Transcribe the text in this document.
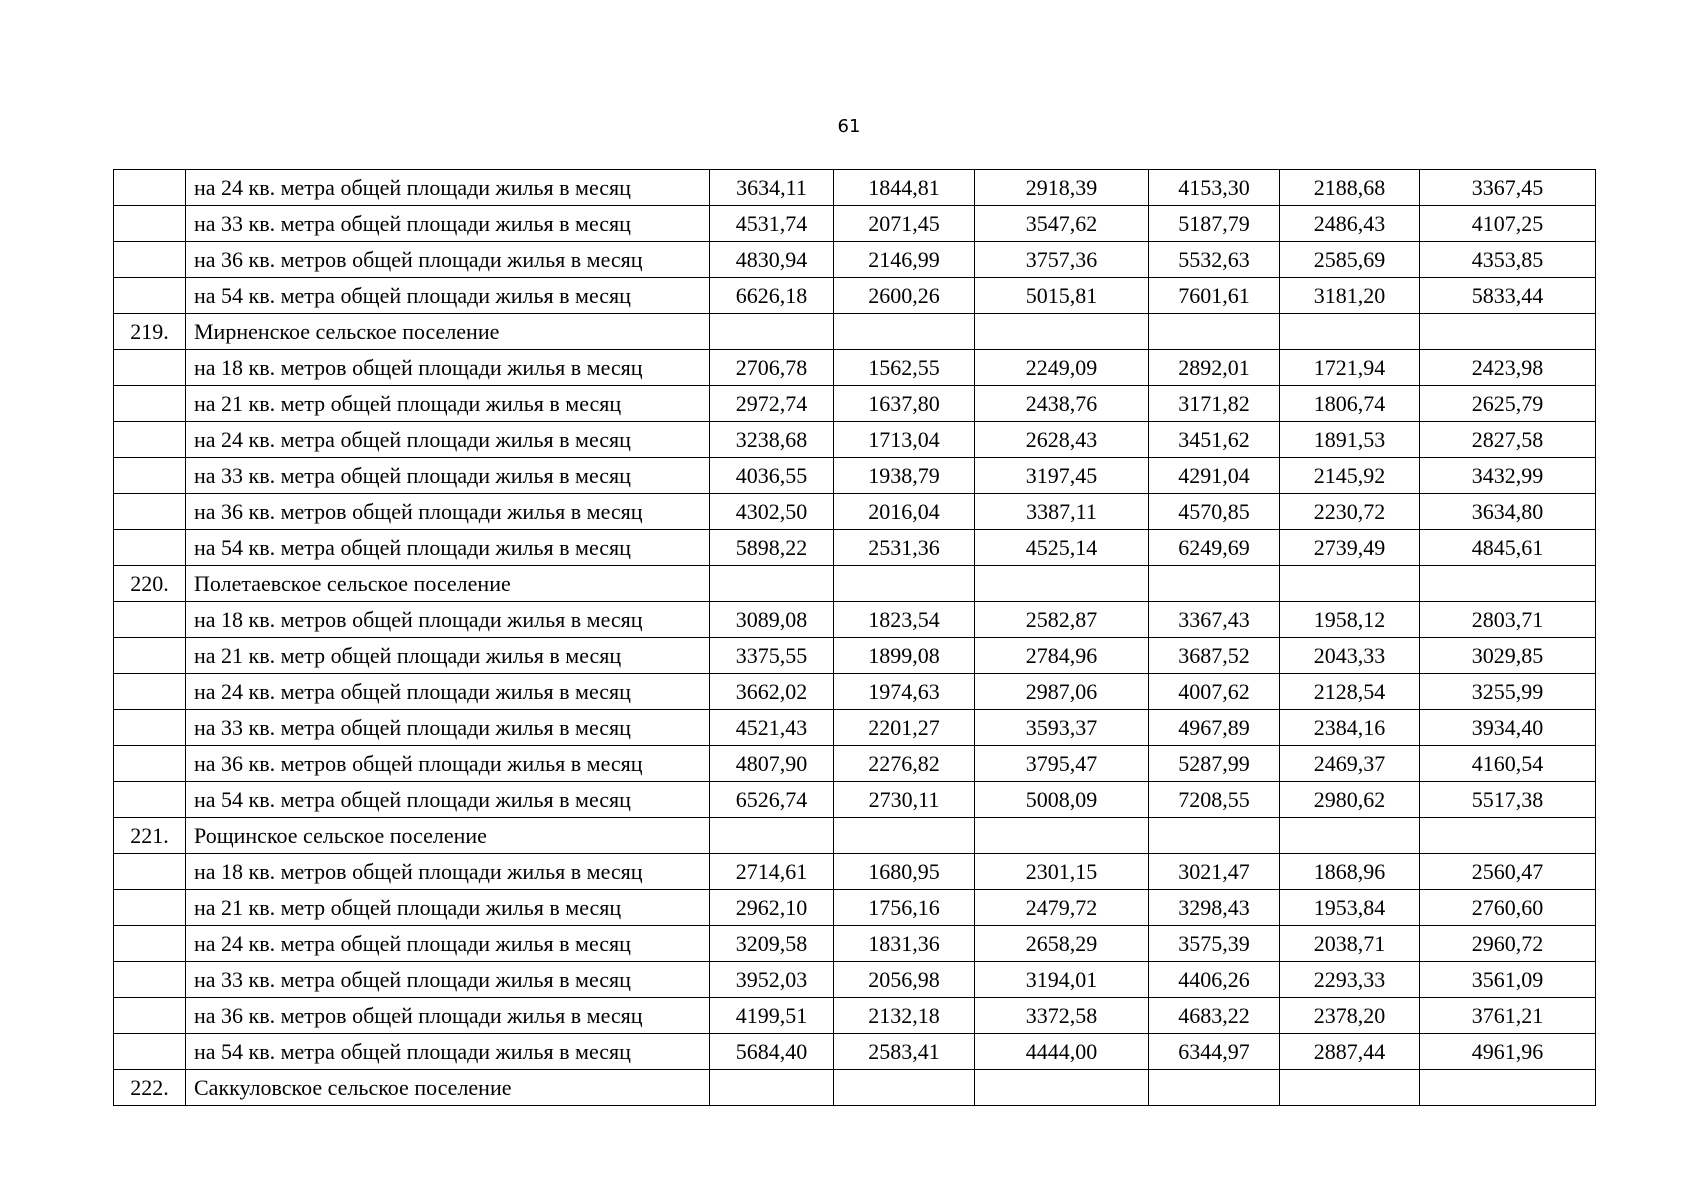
61
	на 24 кв. метра общей площади жилья в месяц	3634,11	1844,81	2918,39	4153,30	2188,68	3367,45
	на 33 кв. метра общей площади жилья в месяц	4531,74	2071,45	3547,62	5187,79	2486,43	4107,25
	на 36 кв. метров общей площади жилья в месяц	4830,94	2146,99	3757,36	5532,63	2585,69	4353,85
	на 54 кв. метра общей площади жилья в месяц	6626,18	2600,26	5015,81	7601,61	3181,20	5833,44
219.	Мирненское сельское поселение						
	на 18 кв. метров общей площади жилья в месяц	2706,78	1562,55	2249,09	2892,01	1721,94	2423,98
	на 21 кв. метр общей площади жилья в месяц	2972,74	1637,80	2438,76	3171,82	1806,74	2625,79
	на 24 кв. метра общей площади жилья в месяц	3238,68	1713,04	2628,43	3451,62	1891,53	2827,58
	на 33 кв. метра общей площади жилья в месяц	4036,55	1938,79	3197,45	4291,04	2145,92	3432,99
	на 36 кв. метров общей площади жилья в месяц	4302,50	2016,04	3387,11	4570,85	2230,72	3634,80
	на 54 кв. метра общей площади жилья в месяц	5898,22	2531,36	4525,14	6249,69	2739,49	4845,61
220.	Полетаевское сельское поселение						
	на 18 кв. метров общей площади жилья в месяц	3089,08	1823,54	2582,87	3367,43	1958,12	2803,71
	на 21 кв. метр общей площади жилья в месяц	3375,55	1899,08	2784,96	3687,52	2043,33	3029,85
	на 24 кв. метра общей площади жилья в месяц	3662,02	1974,63	2987,06	4007,62	2128,54	3255,99
	на 33 кв. метра общей площади жилья в месяц	4521,43	2201,27	3593,37	4967,89	2384,16	3934,40
	на 36 кв. метров общей площади жилья в месяц	4807,90	2276,82	3795,47	5287,99	2469,37	4160,54
	на 54 кв. метра общей площади жилья в месяц	6526,74	2730,11	5008,09	7208,55	2980,62	5517,38
221.	Рощинское сельское поселение						
	на 18 кв. метров общей площади жилья в месяц	2714,61	1680,95	2301,15	3021,47	1868,96	2560,47
	на 21 кв. метр общей площади жилья в месяц	2962,10	1756,16	2479,72	3298,43	1953,84	2760,60
	на 24 кв. метра общей площади жилья в месяц	3209,58	1831,36	2658,29	3575,39	2038,71	2960,72
	на 33 кв. метра общей площади жилья в месяц	3952,03	2056,98	3194,01	4406,26	2293,33	3561,09
	на 36 кв. метров общей площади жилья в месяц	4199,51	2132,18	3372,58	4683,22	2378,20	3761,21
	на 54 кв. метра общей площади жилья в месяц	5684,40	2583,41	4444,00	6344,97	2887,44	4961,96
222.	Саккуловское сельское поселение						
